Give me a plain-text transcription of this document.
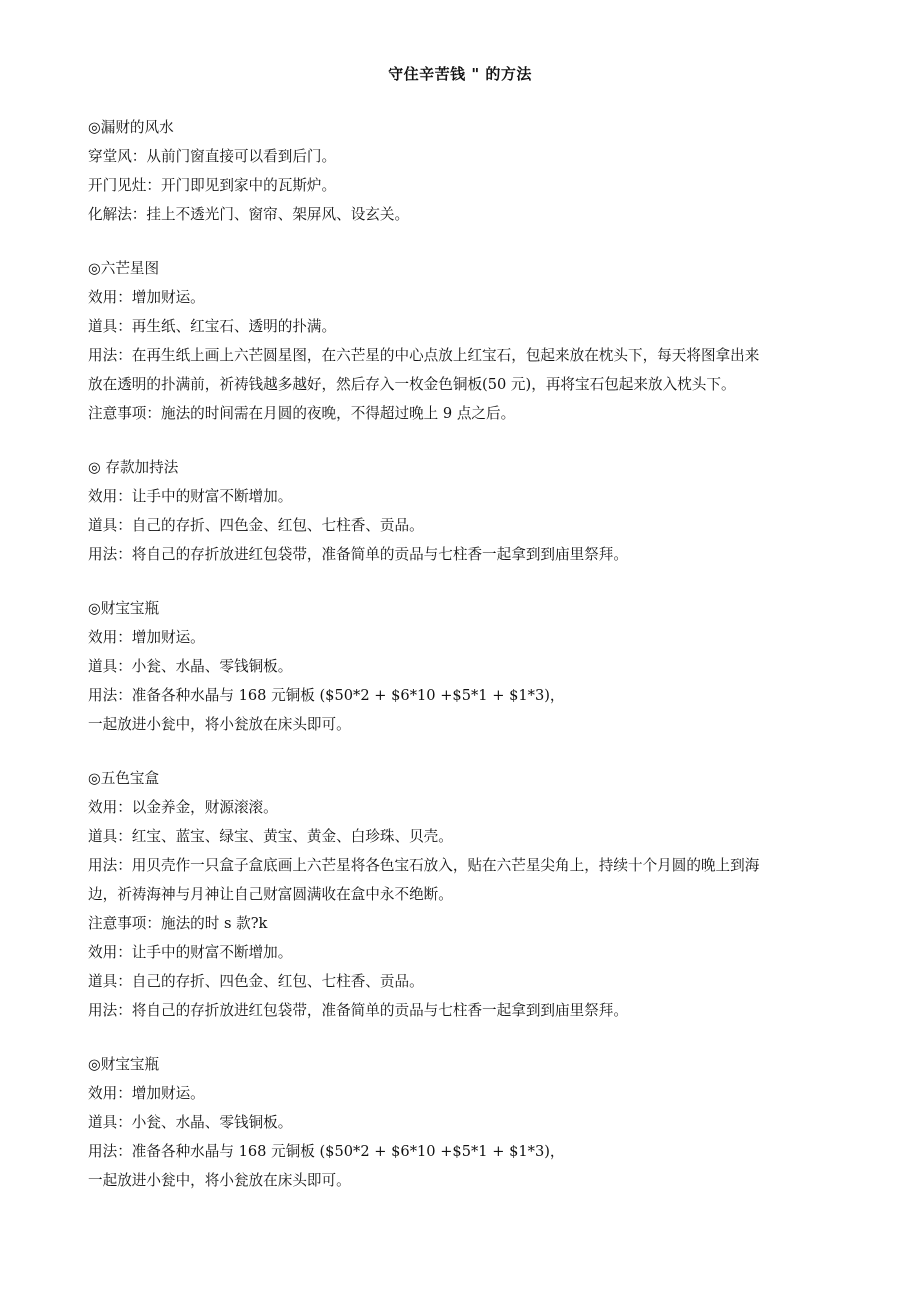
守住辛苦钱 " 的方法
◎漏财的风水
穿堂风：从前门窗直接可以看到后门。
开门见灶：开门即见到家中的瓦斯炉。
化解法：挂上不透光门、窗帘、架屏风、设玄关。
◎六芒星图
效用：增加财运。
道具：再生纸、红宝石、透明的扑满。
用法：在再生纸上画上六芒圆星图，在六芒星的中心点放上红宝石，包起来放在枕头下，每天将图拿出来
放在透明的扑满前，祈祷钱越多越好，然后存入一枚金色铜板(50 元)，再将宝石包起来放入枕头下。
注意事项：施法的时间需在月圆的夜晚，不得超过晚上 9 点之后。
◎ 存款加持法
效用：让手中的财富不断增加。
道具：自己的存折、四色金、红包、七柱香、贡品。
用法：将自己的存折放进红包袋带，准备简单的贡品与七柱香一起拿到到庙里祭拜。
◎财宝宝瓶
效用：增加财运。
道具：小瓮、水晶、零钱铜板。
用法：准备各种水晶与 168 元铜板 ($50*2 + $6*10 +$5*1 + $1*3)，
一起放进小瓮中，将小瓮放在床头即可。
◎五色宝盒
效用：以金养金，财源滚滚。
道具：红宝、蓝宝、绿宝、黄宝、黄金、白珍珠、贝壳。
用法：用贝壳作一只盒子盒底画上六芒星将各色宝石放入，贴在六芒星尖角上，持续十个月圆的晚上到海
边，祈祷海神与月神让自己财富圆满收在盒中永不绝断。
注意事项：施法的时 s 款?k
效用：让手中的财富不断增加。
道具：自己的存折、四色金、红包、七柱香、贡品。
用法：将自己的存折放进红包袋带，准备简单的贡品与七柱香一起拿到到庙里祭拜。
◎财宝宝瓶
效用：增加财运。
道具：小瓮、水晶、零钱铜板。
用法：准备各种水晶与 168 元铜板 ($50*2 + $6*10 +$5*1 + $1*3)，
一起放进小瓮中，将小瓮放在床头即可。
